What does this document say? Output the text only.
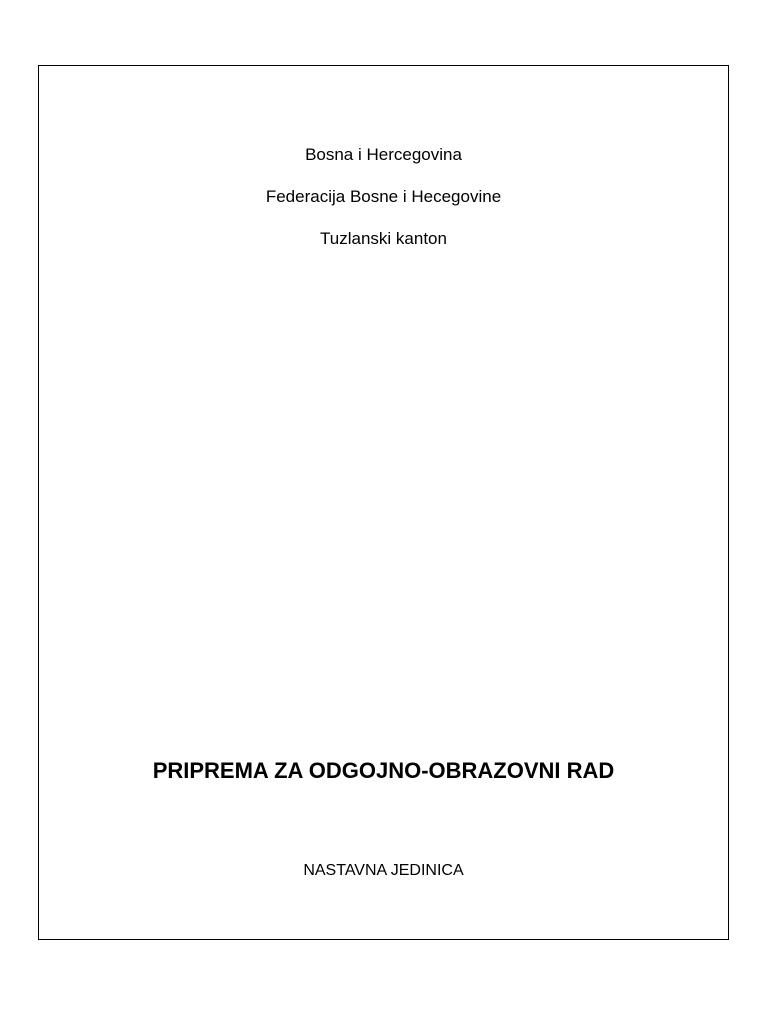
Bosna i Hercegovina
Federacija Bosne i Hecegovine
Tuzlanski kanton
PRIPREMA ZA ODGOJNO-OBRAZOVNI RAD
NASTAVNA JEDINICA
